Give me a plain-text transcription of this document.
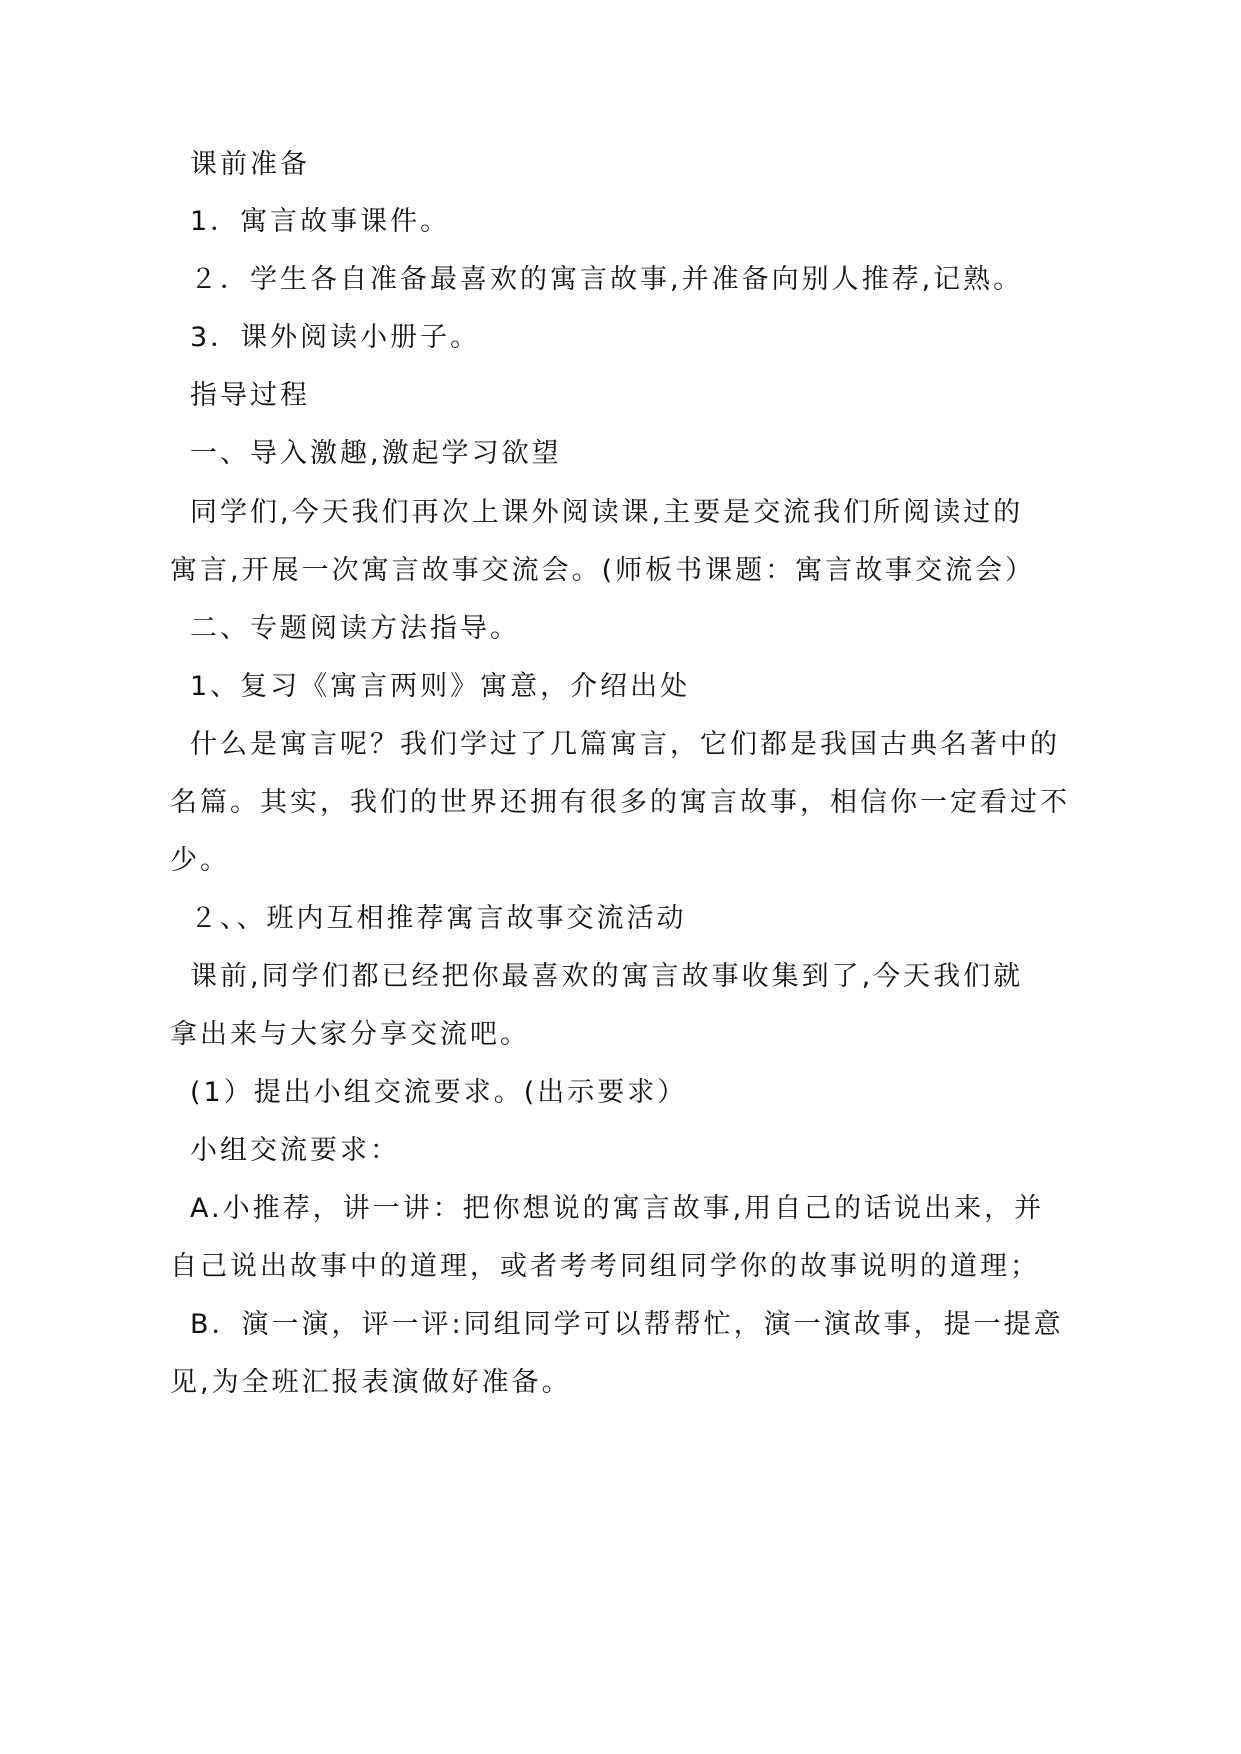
课前准备
1．寓言故事课件。
２．学生各自准备最喜欢的寓言故事,并准备向别人推荐,记熟。
3．课外阅读小册子。
指导过程
一、导入激趣,激起学习欲望
同学们,今天我们再次上课外阅读课,主要是交流我们所阅读过的
寓言,开展一次寓言故事交流会。(师板书课题：寓言故事交流会）
二、专题阅读方法指导。
1、复习《寓言两则》寓意，介绍出处
什么是寓言呢？我们学过了几篇寓言，它们都是我国古典名著中的
名篇。其实，我们的世界还拥有很多的寓言故事，相信你一定看过不
少。
２、、班内互相推荐寓言故事交流活动
课前,同学们都已经把你最喜欢的寓言故事收集到了,今天我们就
拿出来与大家分享交流吧。
(1）提出小组交流要求。(出示要求）
小组交流要求：
A.小推荐，讲一讲：把你想说的寓言故事,用自己的话说出来，并
自己说出故事中的道理，或者考考同组同学你的故事说明的道理；
B．演一演，评一评:同组同学可以帮帮忙，演一演故事，提一提意
见,为全班汇报表演做好准备。
